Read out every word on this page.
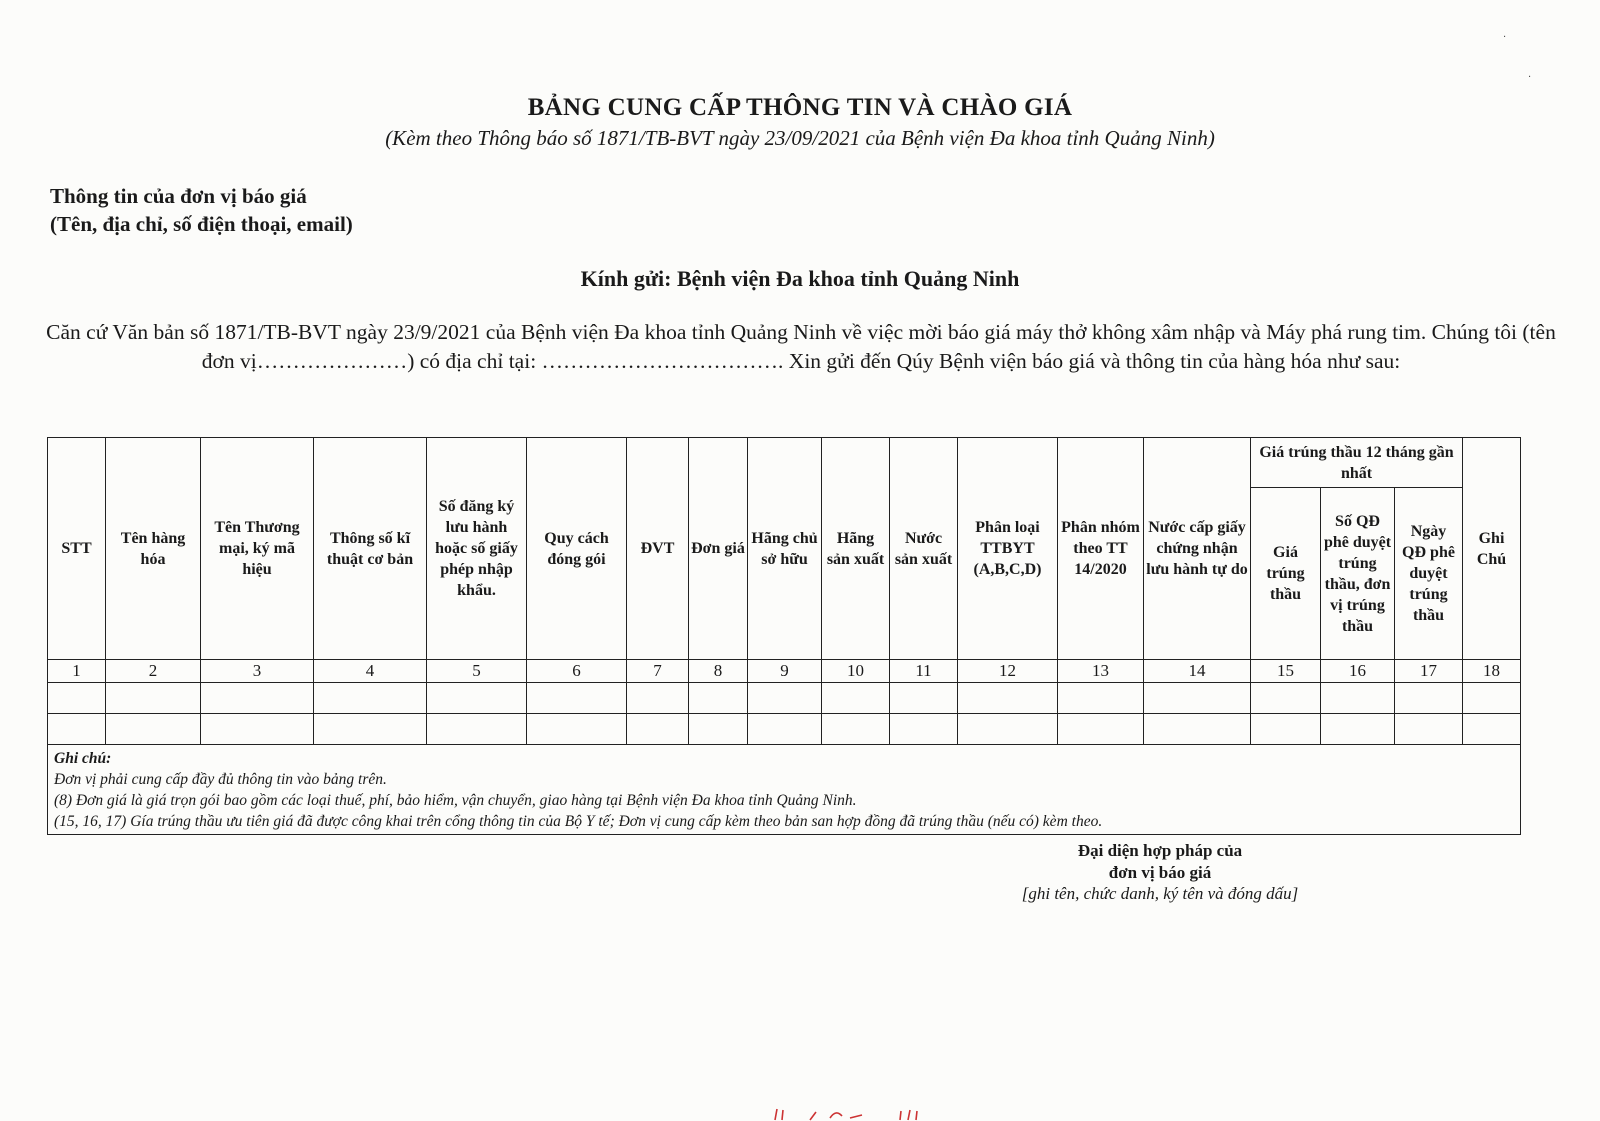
BẢNG CUNG CẤP THÔNG TIN VÀ CHÀO GIÁ
(Kèm theo Thông báo số 1871/TB-BVT ngày 23/09/2021 của Bệnh viện Đa khoa tỉnh Quảng Ninh)
Thông tin của đơn vị báo giá
(Tên, địa chỉ, số điện thoại, email)
Kính gửi: Bệnh viện Đa khoa tỉnh Quảng Ninh
Căn cứ Văn bản số 1871/TB-BVT ngày 23/9/2021 của Bệnh viện Đa khoa tỉnh Quảng Ninh về việc mời báo giá máy thở không xâm nhập và Máy phá rung tim. Chúng tôi (tên đơn vị…………………) có địa chỉ tại: ……………………………. Xin gửi đến Qúy Bệnh viện báo giá và thông tin của hàng hóa như sau:
STT	Tên hàng hóa	Tên Thương mại, ký mã hiệu	Thông số kĩ thuật cơ bản	Số đăng ký lưu hành hoặc số giấy phép nhập khẩu.	Quy cách đóng gói	ĐVT	Đơn giá	Hãng chủ sở hữu	Hãng sản xuất	Nước sản xuất	Phân loại TTBYT (A,B,C,D)	Phân nhóm theo TT 14/2020	Nước cấp giấy chứng nhận lưu hành tự do	Giá trúng thầu 12 tháng gần nhất			Ghi Chú
														Giá trúng thầu	Số QĐ phê duyệt trúng thầu, đơn vị trúng thầu	Ngày QĐ phê duyệt trúng thầu	
1	2	3	4	5	6	7	8	9	10	11	12	13	14	15	16	17	18

Ghi chú:
Đơn vị phải cung cấp đầy đủ thông tin vào bảng trên.
(8) Đơn giá là giá trọn gói bao gồm các loại thuế, phí, bảo hiểm, vận chuyển, giao hàng tại Bệnh viện Đa khoa tỉnh Quảng Ninh.
(15, 16, 17) Gía trúng thầu ưu tiên giá đã được công khai trên cổng thông tin của Bộ Y tế; Đơn vị cung cấp kèm theo bản san hợp đồng đã trúng thầu (nếu có) kèm theo.																	
Đại diện hợp pháp của
đơn vị báo giá
[ghi tên, chức danh, ký tên và đóng dấu]
·
·
